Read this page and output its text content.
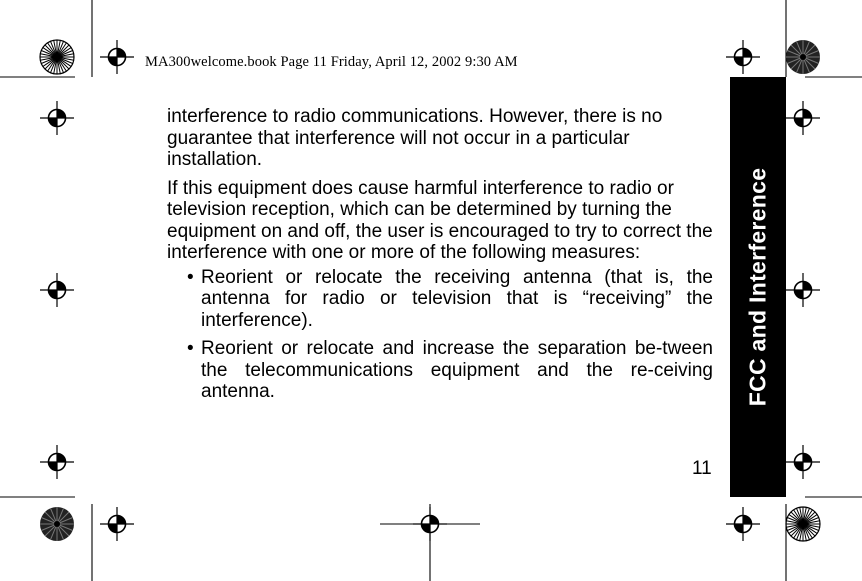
MA300welcome.book Page 11 Friday, April 12, 2002 9:30 AM
FCC and Interference

interference to radio communications. However, there is no guarantee that interference will not occur in a particular installation.

If this equipment does cause harmful interference to radio or television reception, which can be determined by turning the equipment on and off, the user is encouraged to try to correct the interference with one or more of the following measures:

• Reorient or relocate the receiving antenna (that is, the antenna for radio or television that is “receiving” the interference).
• Reorient or relocate and increase the separation be-tween the telecommunications equipment and the re-ceiving antenna.
11
